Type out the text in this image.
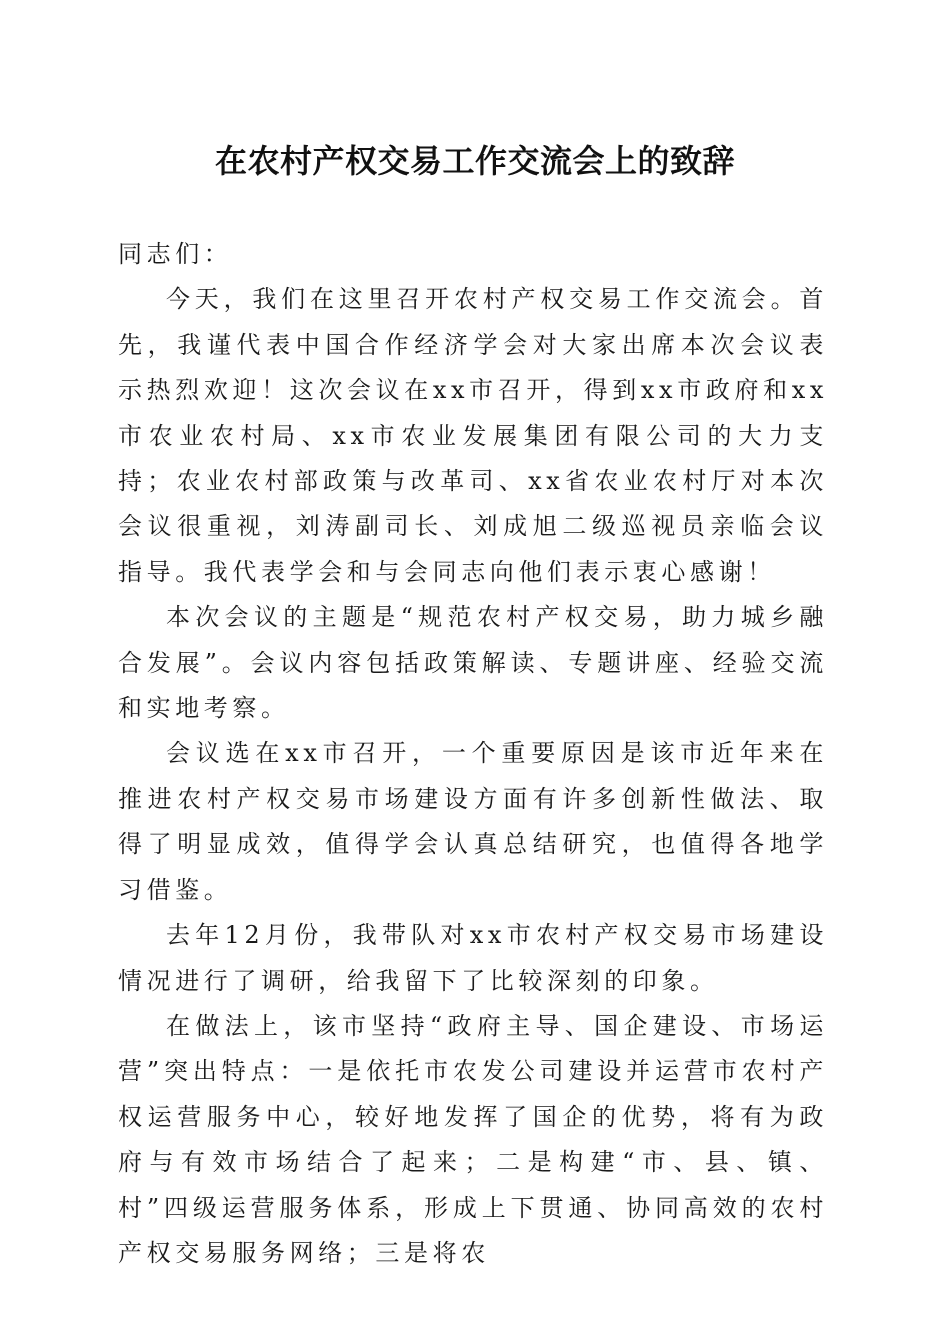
在农村产权交易工作交流会上的致辞

同志们：

今天，我们在这里召开农村产权交易工作交流会。首先，我谨代表中国合作经济学会对大家出席本次会议表示热烈欢迎！这次会议在xx市召开，得到xx市政府和xx市农业农村局、xx市农业发展集团有限公司的大力支持；农业农村部政策与改革司、xx省农业农村厅对本次会议很重视，刘涛副司长、刘成旭二级巡视员亲临会议指导。我代表学会和与会同志向他们表示衷心感谢！

本次会议的主题是“规范农村产权交易，助力城乡融合发展”。会议内容包括政策解读、专题讲座、经验交流和实地考察。

会议选在xx市召开，一个重要原因是该市近年来在推进农村产权交易市场建设方面有许多创新性做法、取得了明显成效，值得学会认真总结研究，也值得各地学习借鉴。

去年12月份，我带队对xx市农村产权交易市场建设情况进行了调研，给我留下了比较深刻的印象。

在做法上，该市坚持“政府主导、国企建设、市场运营”突出特点：一是依托市农发公司建设并运营市农村产权运营服务中心，较好地发挥了国企的优势，将有为政府与有效市场结合了起来；二是构建“市、县、镇、村”四级运营服务体系，形成上下贯通、协同高效的农村产权交易服务网络；三是将农
